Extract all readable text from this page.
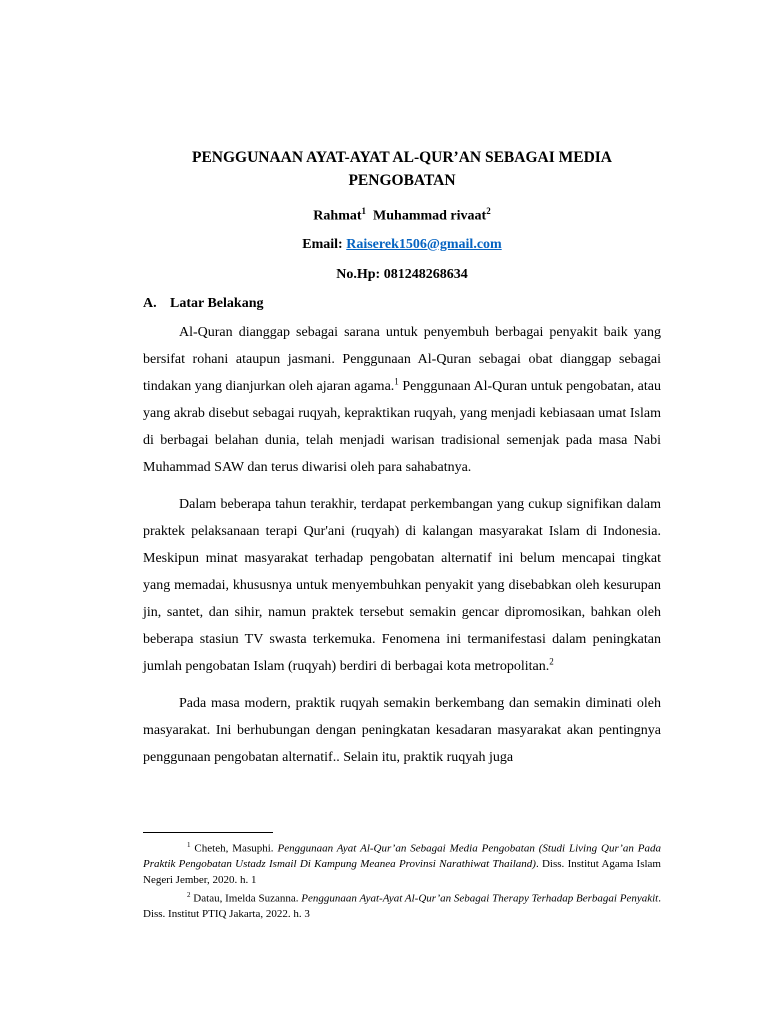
PENGGUNAAN AYAT-AYAT AL-QUR’AN SEBAGAI MEDIA
PENGOBATAN
Rahmat$^1$ Muhammad rivaat$^2$
Email: Raiserek1506@gmail.com
No.Hp: 081248268634
A. Latar Belakang

Al-Quran dianggap sebagai sarana untuk penyembuh berbagai penyakit baik yang bersifat rohani ataupun jasmani. Penggunaan Al-Quran sebagai obat dianggap sebagai tindakan yang dianjurkan oleh ajaran agama.$^1$ Penggunaan Al-Quran untuk pengobatan, atau yang akrab disebut sebagai ruqyah, kepraktikan ruqyah, yang menjadi kebiasaan umat Islam di berbagai belahan dunia, telah menjadi warisan tradisional semenjak pada masa Nabi Muhammad SAW dan terus diwarisi oleh para sahabatnya.

Dalam beberapa tahun terakhir, terdapat perkembangan yang cukup signifikan dalam praktek pelaksanaan terapi Qur'ani (ruqyah) di kalangan masyarakat Islam di Indonesia. Meskipun minat masyarakat terhadap pengobatan alternatif ini belum mencapai tingkat yang memadai, khususnya untuk menyembuhkan penyakit yang disebabkan oleh kesurupan jin, santet, dan sihir, namun praktek tersebut semakin gencar dipromosikan, bahkan oleh beberapa stasiun TV swasta terkemuka. Fenomena ini termanifestasi dalam peningkatan jumlah pengobatan Islam (ruqyah) berdiri di berbagai kota metropolitan.$^2$

Pada masa modern, praktik ruqyah semakin berkembang dan semakin diminati oleh masyarakat. Ini berhubungan dengan peningkatan kesadaran masyarakat akan pentingnya penggunaan pengobatan alternatif.. Selain itu, praktik ruqyah juga

$^1$ Cheteh, Masuphi. Penggunaan Ayat Al-Qur’an Sebagai Media Pengobatan (Studi Living Qur’an Pada Praktik Pengobatan Ustadz Ismail Di Kampung Meanea Provinsi Narathiwat Thailand). Diss. Institut Agama Islam Negeri Jember, 2020. h. 1

$^2$ Datau, Imelda Suzanna. Penggunaan Ayat-Ayat Al-Qur’an Sebagai Therapy Terhadap Berbagai Penyakit. Diss. Institut PTIQ Jakarta, 2022. h. 3
